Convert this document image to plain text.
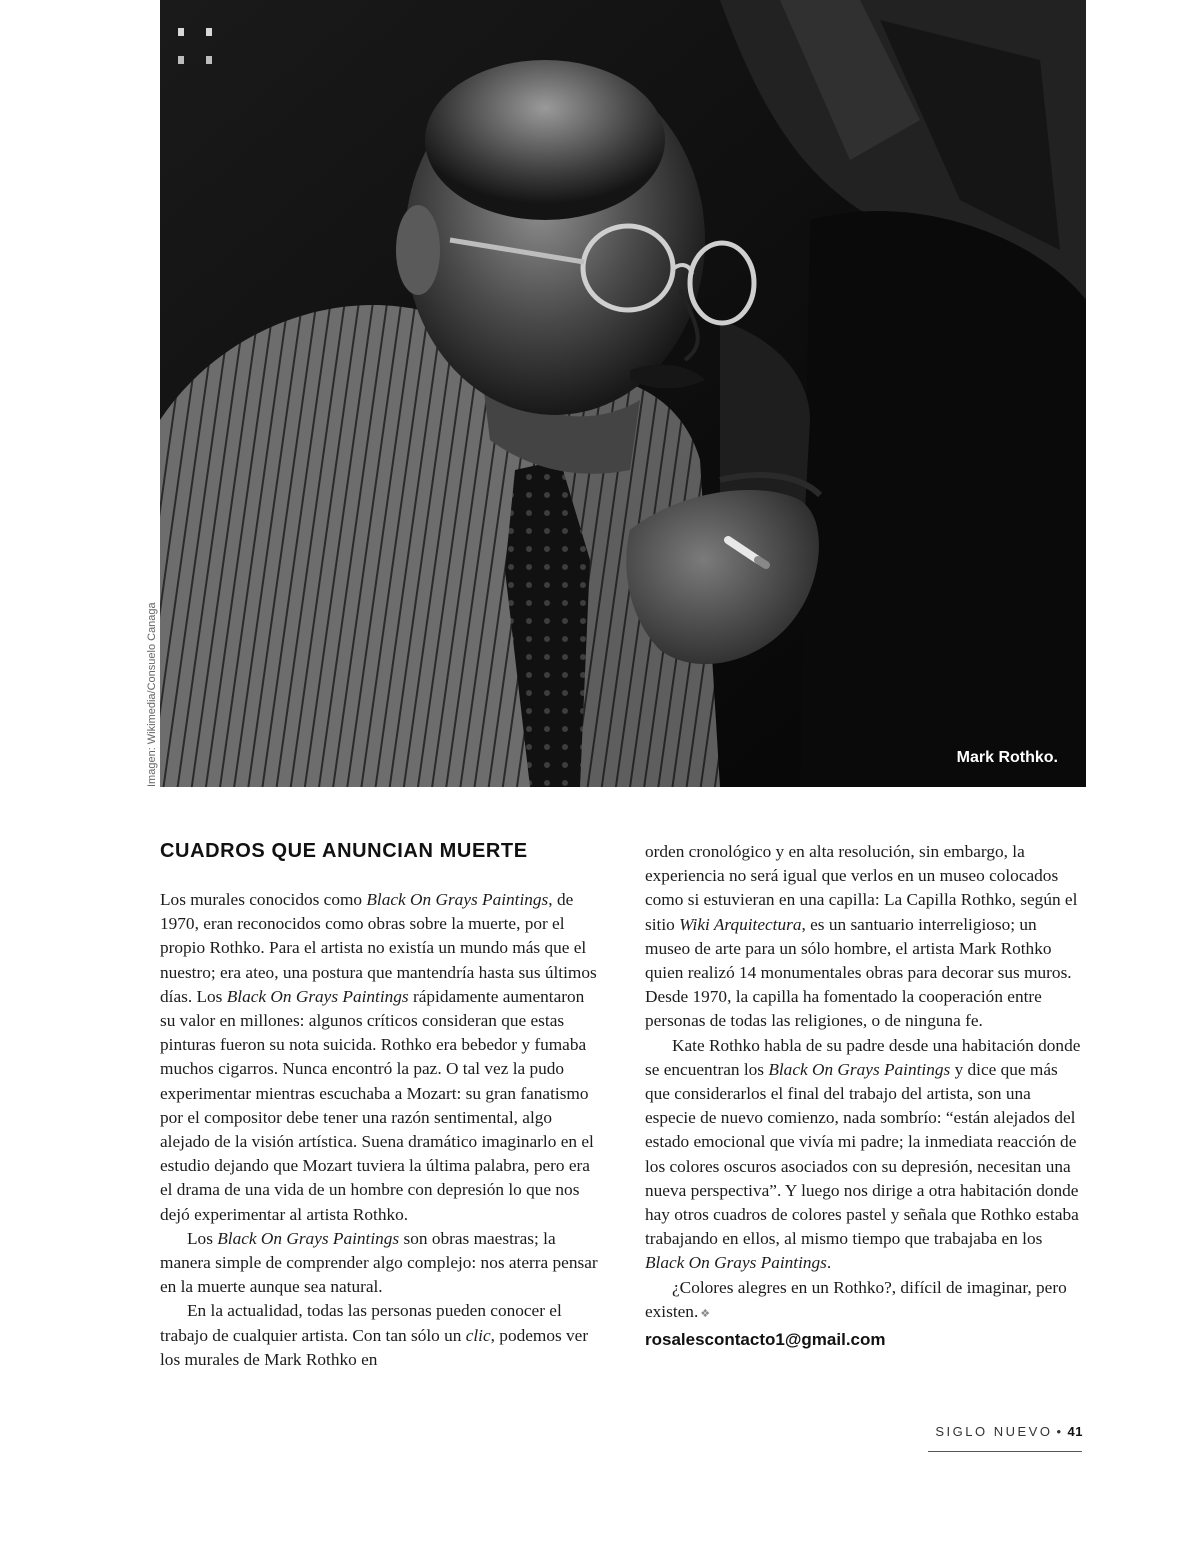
Mark Rothko.
Imagen: Wikimedia/Consuelo Canaga
CUADROS QUE ANUNCIAN MUERTE

Los murales conocidos como Black On Grays Paintings, de 1970, eran reconocidos como obras sobre la muerte, por el propio Rothko. Para el artista no existía un mundo más que el nuestro; era ateo, una postura que mantendría hasta sus últimos días. Los Black On Grays Paintings rápidamente aumentaron su valor en millones: algunos críticos consideran que estas pinturas fueron su nota suicida. Rothko era bebedor y fumaba muchos cigarros. Nunca encontró la paz. O tal vez la pudo experimentar mientras escuchaba a Mozart: su gran fanatismo por el compositor debe tener una razón sentimental, algo alejado de la visión artística. Suena dramático imaginarlo en el estudio dejando que Mozart tuviera la última palabra, pero era el drama de una vida de un hombre con depresión lo que nos dejó experimentar al artista Rothko.

Los Black On Grays Paintings son obras maestras; la manera simple de comprender algo complejo: nos aterra pensar en la muerte aunque sea natural.

En la actualidad, todas las personas pueden conocer el trabajo de cualquier artista. Con tan sólo un clic, podemos ver los murales de Mark Rothko en

orden cronológico y en alta resolución, sin embargo, la experiencia no será igual que verlos en un museo colocados como si estuvieran en una capilla: La Capilla Rothko, según el sitio Wiki Arquitectura, es un santuario interreligioso; un museo de arte para un sólo hombre, el artista Mark Rothko quien realizó 14 monumentales obras para decorar sus muros. Desde 1970, la capilla ha fomentado la cooperación entre personas de todas las religiones, o de ninguna fe.

Kate Rothko habla de su padre desde una habitación donde se encuentran los Black On Grays Paintings y dice que más que considerarlos el final del trabajo del artista, son una especie de nuevo comienzo, nada sombrío: “están alejados del estado emocional que vivía mi padre; la inmediata reacción de los colores oscuros asociados con su depresión, necesitan una nueva perspectiva”. Y luego nos dirige a otra habitación donde hay otros cuadros de colores pastel y señala que Rothko estaba trabajando en ellos, al mismo tiempo que trabajaba en los Black On Grays Paintings.

¿Colores alegres en un Rothko?, difícil de imaginar, pero existen. ❖

rosalescontacto1@gmail.com

SIGLO NUEVO • 41
